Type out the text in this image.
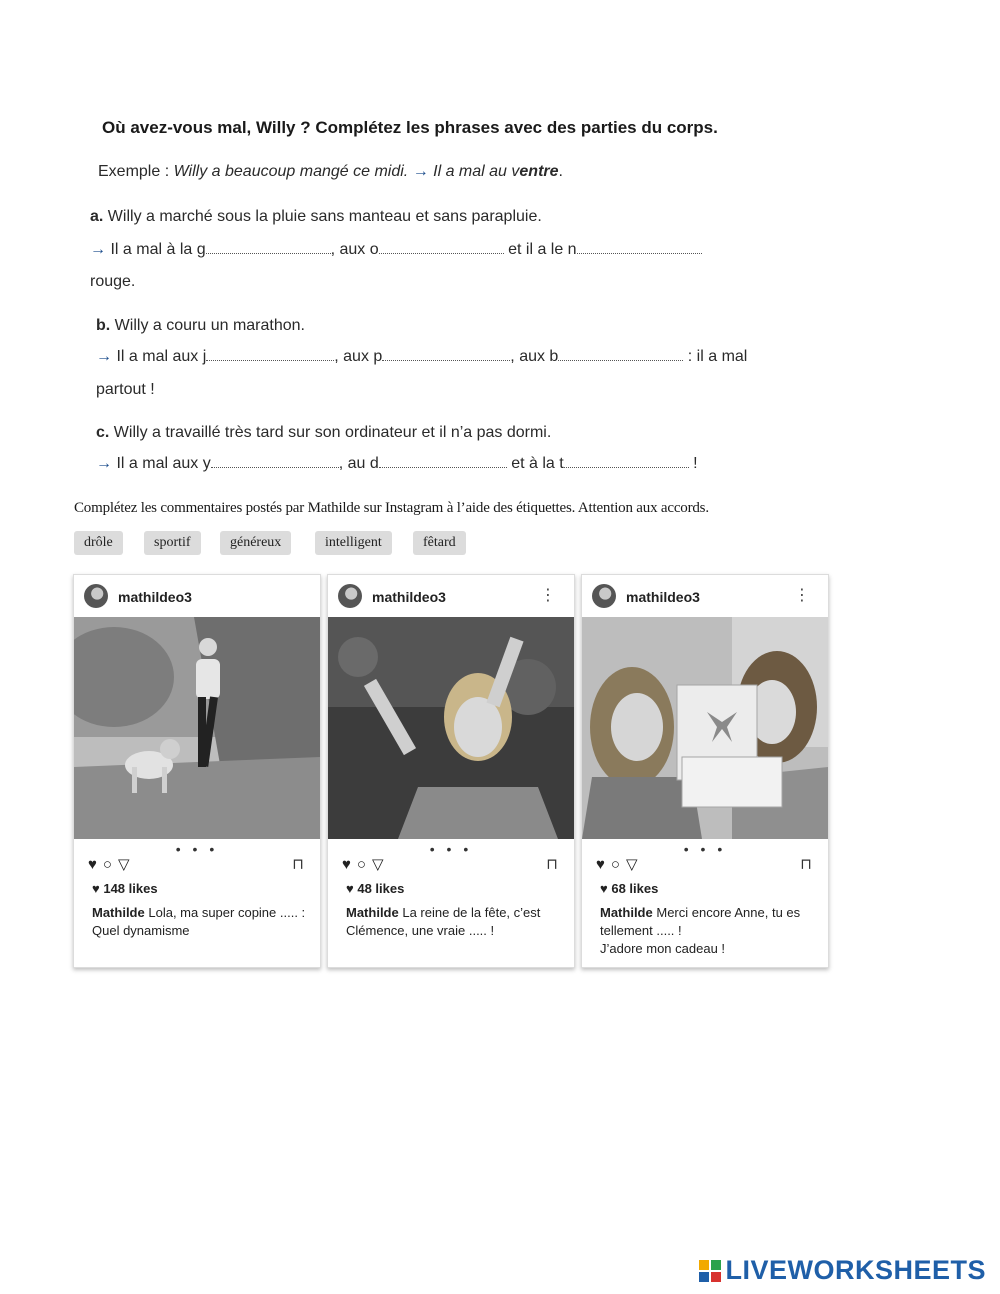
Où avez-vous mal, Willy ? Complétez les phrases avec des parties du corps.
Exemple : Willy a beaucoup mangé ce midi. → Il a mal au ventre.
a. Willy a marché sous la pluie sans manteau et sans parapluie.
→ Il a mal à la g	, aux o	et il a le n
rouge.
b. Willy a couru un marathon.
→ Il a mal aux j	, aux p	, aux b	: il a mal
partout !
c. Willy a travaillé très tard sur son ordinateur et il n’a pas dormi.
→ Il a mal aux y	, au d	et à la t	!
Complétez les commentaires postés par Mathilde sur Instagram à l’aide des étiquettes. Attention aux accords.
drôle	sportif	généreux	intelligent	fêtard
mathildeo3
• • •
♥ ○ ▽	⊓
♥ 148 likes
Mathilde Lola, ma super copine ..... : Quel dynamisme
mathildeo3	⋮
• • •
♥ ○ ▽	⊓
♥ 48 likes
Mathilde La reine de la fête, c’est Clémence, une vraie ..... !
mathildeo3	⋮
• • •
♥ ○ ▽	⊓
♥ 68 likes
Mathilde Merci encore Anne, tu es tellement ..... !
J’adore mon cadeau !
LIVEWORKSHEETS
